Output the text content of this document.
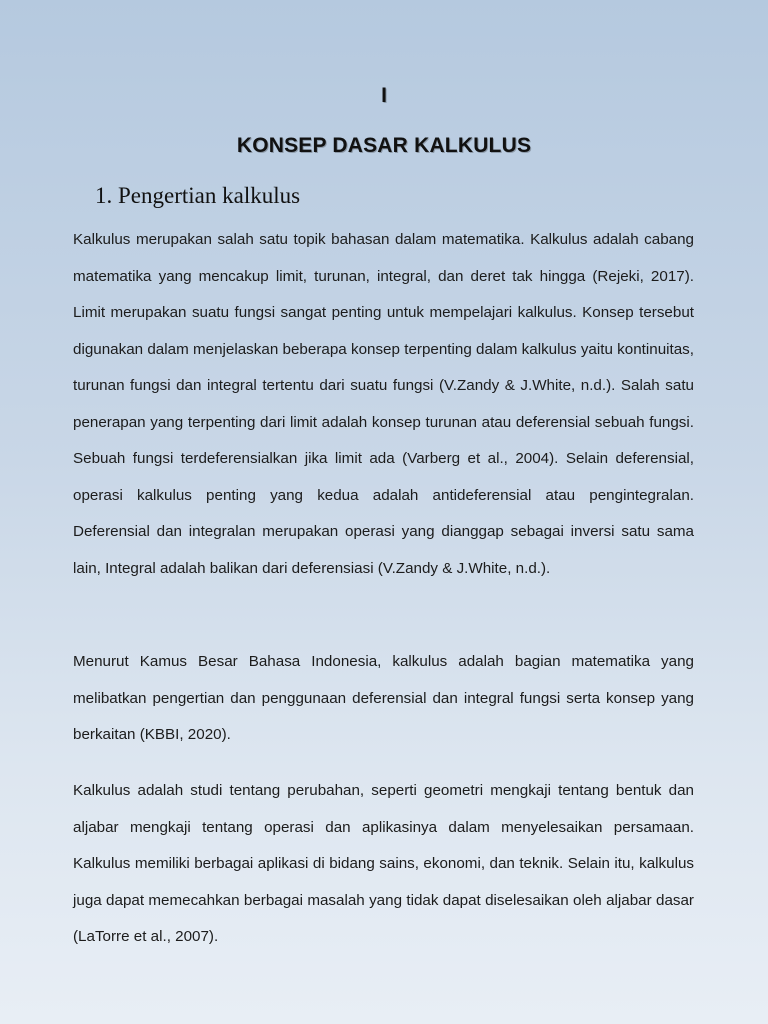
I
KONSEP DASAR KALKULUS
1. Pengertian kalkulus

Kalkulus merupakan salah satu topik bahasan dalam matematika. Kalkulus adalah cabang matematika yang mencakup limit, turunan, integral, dan deret tak hingga (Rejeki, 2017). Limit merupakan suatu fungsi sangat penting untuk mempelajari kalkulus. Konsep tersebut digunakan dalam menjelaskan beberapa konsep terpenting dalam kalkulus yaitu kontinuitas, turunan fungsi dan integral tertentu dari suatu fungsi (V.Zandy & J.White, n.d.). Salah satu penerapan yang terpenting dari limit adalah konsep turunan atau deferensial sebuah fungsi. Sebuah fungsi terdeferensialkan jika limit ada (Varberg et al., 2004). Selain deferensial, operasi kalkulus penting yang kedua adalah antideferensial atau pengintegralan. Deferensial dan integralan merupakan operasi yang dianggap sebagai inversi satu sama lain, Integral adalah balikan dari deferensiasi (V.Zandy & J.White, n.d.).

Menurut Kamus Besar Bahasa Indonesia, kalkulus adalah bagian matematika yang melibatkan pengertian dan penggunaan deferensial dan integral fungsi serta konsep yang berkaitan (KBBI, 2020).

Kalkulus adalah studi tentang perubahan, seperti geometri mengkaji tentang bentuk dan aljabar mengkaji tentang operasi dan aplikasinya dalam menyelesaikan persamaan. Kalkulus memiliki berbagai aplikasi di bidang sains, ekonomi, dan teknik. Selain itu, kalkulus juga dapat memecahkan berbagai masalah yang tidak dapat diselesaikan oleh aljabar dasar (LaTorre et al., 2007).
